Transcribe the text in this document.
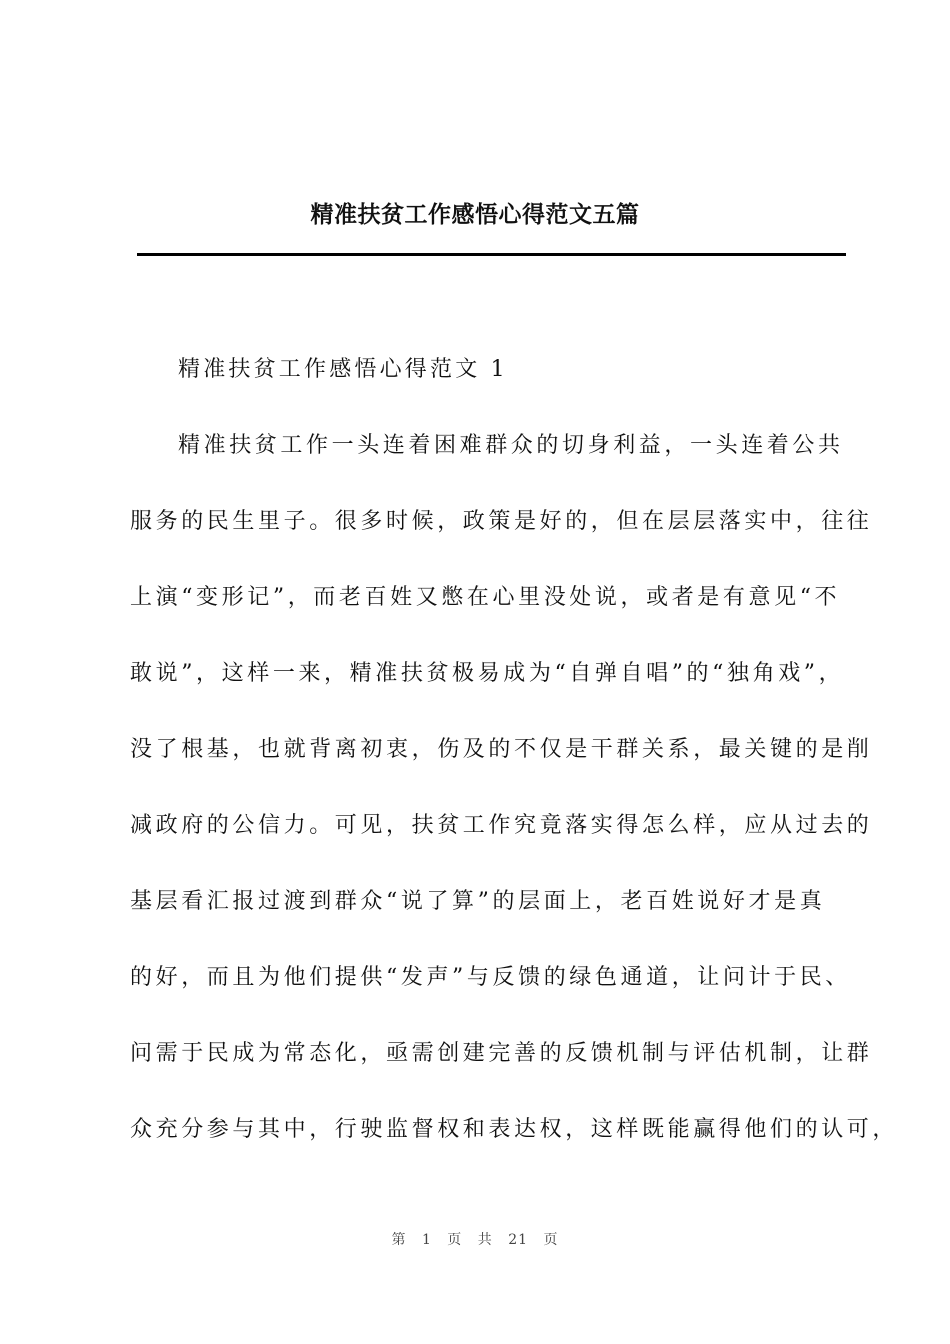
精准扶贫工作感悟心得范文五篇
精准扶贫工作感悟心得范文 1
精准扶贫工作一头连着困难群众的切身利益，一头连着公共
服务的民生里子。很多时候，政策是好的，但在层层落实中，往往
上演“变形记”，而老百姓又憋在心里没处说，或者是有意见“不
敢说”，这样一来，精准扶贫极易成为“自弹自唱”的“独角戏”，
没了根基，也就背离初衷，伤及的不仅是干群关系，最关键的是削
减政府的公信力。可见，扶贫工作究竟落实得怎么样，应从过去的
基层看汇报过渡到群众“说了算”的层面上，老百姓说好才是真
的好，而且为他们提供“发声”与反馈的绿色通道，让问计于民、
问需于民成为常态化，亟需创建完善的反馈机制与评估机制，让群
众充分参与其中，行驶监督权和表达权，这样既能赢得他们的认可，
第 1 页 共 21 页
